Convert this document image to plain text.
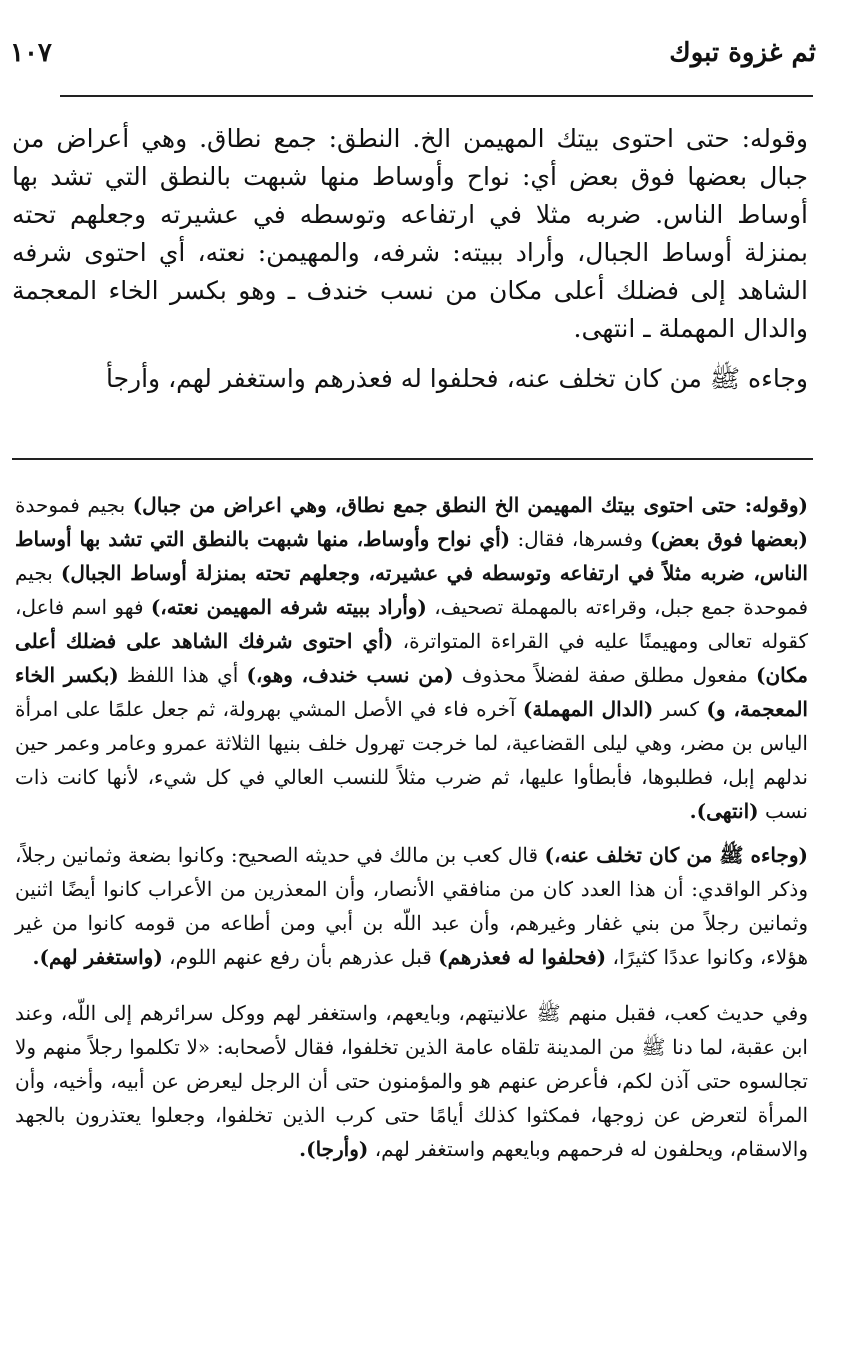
ثم غزوة تبوك
١٠٧

وقوله: حتى احتوى بيتك المهيمن الخ. النطق: جمع نطاق. وهي أعراض من جبال بعضها فوق بعض أي: نواح وأوساط منها شبهت بالنطق التي تشد بها أوساط الناس. ضربه مثلا في ارتفاعه وتوسطه في عشيرته وجعلهم تحته بمنزلة أوساط الجبال، وأراد ببيته: شرفه، والمهيمن: نعته، أي احتوى شرفه الشاهد إلى فضلك أعلى مكان من نسب خندف ـ وهو بكسر الخاء المعجمة والدال المهملة ـ انتهى.

وجاءه ﷺ من كان تخلف عنه، فحلفوا له فعذرهم واستغفر لهم، وأرجأ

(وقوله: حتى احتوى بيتك المهيمن الخ النطق جمع نطاق، وهي اعراض من جبال) بجيم فموحدة (بعضها فوق بعض) وفسرها، فقال: (أي نواح وأوساط، منها شبهت بالنطق التي تشد بها أوساط الناس، ضربه مثلاً في ارتفاعه وتوسطه في عشيرته، وجعلهم تحته بمنزلة أوساط الجبال) بجيم فموحدة جمع جبل، وقراءته بالمهملة تصحيف، (وأراد ببيته شرفه المهيمن نعته،) فهو اسم فاعل، كقوله تعالى ومهيمنًا عليه في القراءة المتواترة، (أي احتوى شرفك الشاهد على فضلك أعلى مكان) مفعول مطلق صفة لفضلاً محذوف (من نسب خندف، وهو،) أي هذا اللفظ (بكسر الخاء المعجمة، و) كسر (الدال المهملة) آخره فاء في الأصل المشي بهرولة، ثم جعل علمًا على امرأة الياس بن مضر، وهي ليلى القضاعية، لما خرجت تهرول خلف بنيها الثلاثة عمرو وعامر وعمر حين ندلهم إبل، فطلبوها، فأبطأوا عليها، ثم ضرب مثلاً للنسب العالي في كل شيء، لأنها كانت ذات نسب (انتهى).

(وجاءه ﷺ من كان تخلف عنه،) قال كعب بن مالك في حديثه الصحيح: وكانوا بضعة وثمانين رجلاً، وذكر الواقدي: أن هذا العدد كان من منافقي الأنصار، وأن المعذرين من الأعراب كانوا أيضًا اثنين وثمانين رجلاً من بني غفار وغيرهم، وأن عبد اللّه بن أبي ومن أطاعه من قومه كانوا من غير هؤلاء، وكانوا عددًا كثيرًا، (فحلفوا له فعذرهم) قبل عذرهم بأن رفع عنهم اللوم، (واستغفر لهم).

وفي حديث كعب، فقبل منهم ﷺ علانيتهم، وبايعهم، واستغفر لهم ووكل سرائرهم إلى اللّه، وعند ابن عقبة، لما دنا ﷺ من المدينة تلقاه عامة الذين تخلفوا، فقال لأصحابه: «لا تكلموا رجلاً منهم ولا تجالسوه حتى آذن لكم، فأعرض عنهم هو والمؤمنون حتى أن الرجل ليعرض عن أبيه، وأخيه، وأن المرأة لتعرض عن زوجها، فمكثوا كذلك أيامًا حتى كرب الذين تخلفوا، وجعلوا يعتذرون بالجهد والاسقام، ويحلفون له فرحمهم وبايعهم واستغفر لهم، (وأرجا).
